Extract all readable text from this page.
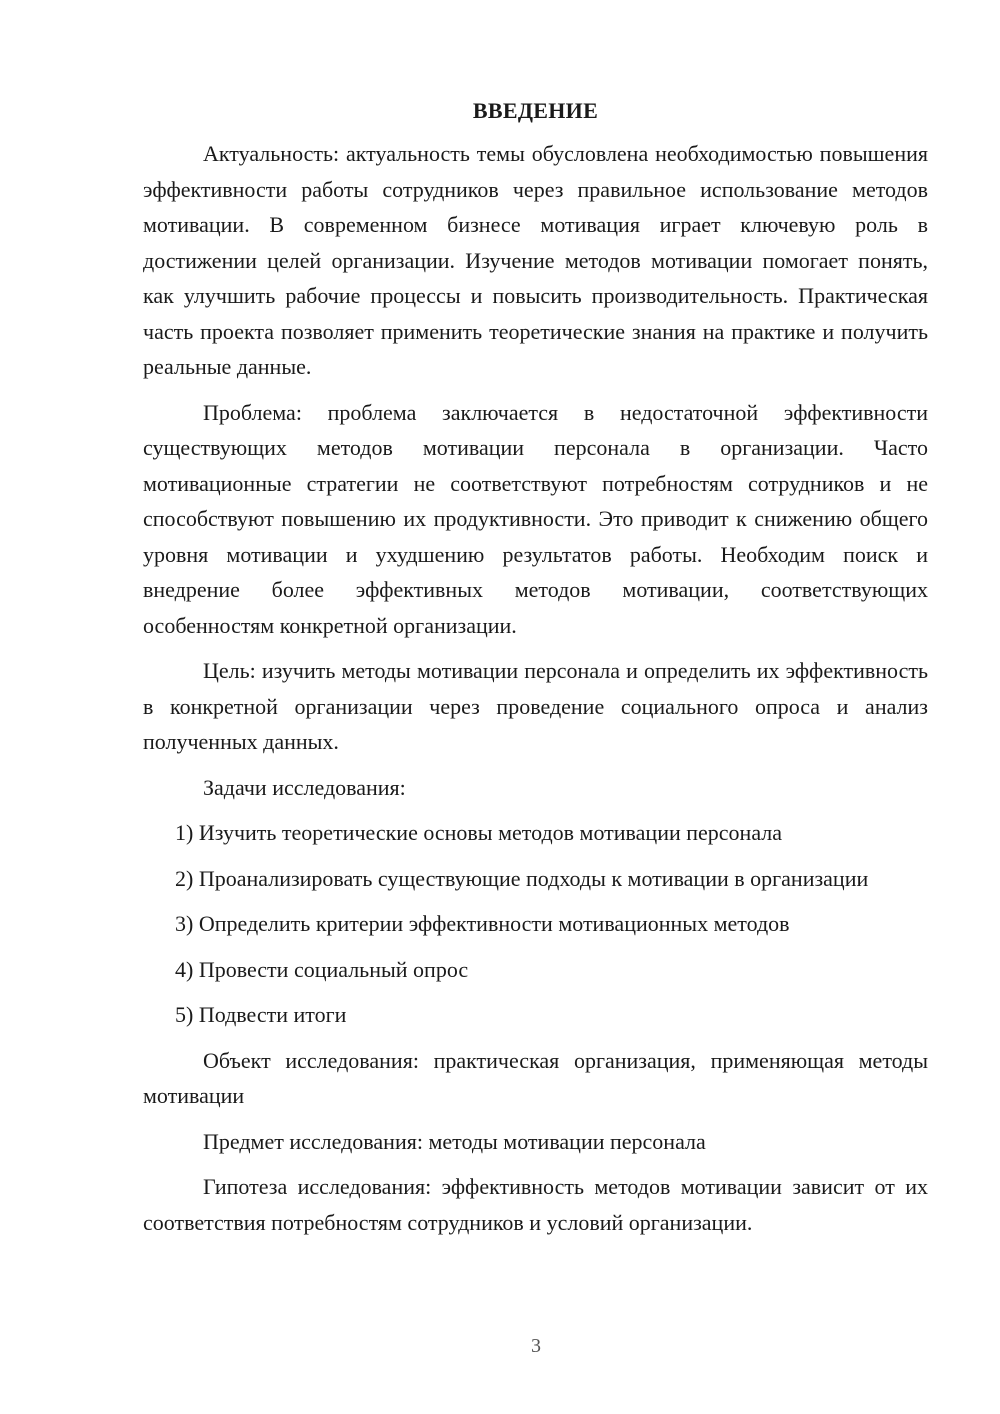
ВВЕДЕНИЕ

Актуальность: актуальность темы обусловлена необходимостью повышения эффективности работы сотрудников через правильное использование методов мотивации. В современном бизнесе мотивация играет ключевую роль в достижении целей организации. Изучение методов мотивации помогает понять, как улучшить рабочие процессы и повысить производительность. Практическая часть проекта позволяет применить теоретические знания на практике и получить реальные данные.

Проблема: проблема заключается в недостаточной эффективности существующих методов мотивации персонала в организации. Часто мотивационные стратегии не соответствуют потребностям сотрудников и не способствуют повышению их продуктивности. Это приводит к снижению общего уровня мотивации и ухудшению результатов работы. Необходим поиск и внедрение более эффективных методов мотивации, соответствующих особенностям конкретной организации.

Цель: изучить методы мотивации персонала и определить их эффективность в конкретной организации через проведение социального опроса и анализ полученных данных.

Задачи исследования:

1) Изучить теоретические основы методов мотивации персонала

2) Проанализировать существующие подходы к мотивации в организации

3) Определить критерии эффективности мотивационных методов

4) Провести социальный опрос

5) Подвести итоги

Объект исследования: практическая организация, применяющая методы мотивации

Предмет исследования: методы мотивации персонала

Гипотеза исследования: эффективность методов мотивации зависит от их соответствия потребностям сотрудников и условий организации.

3
